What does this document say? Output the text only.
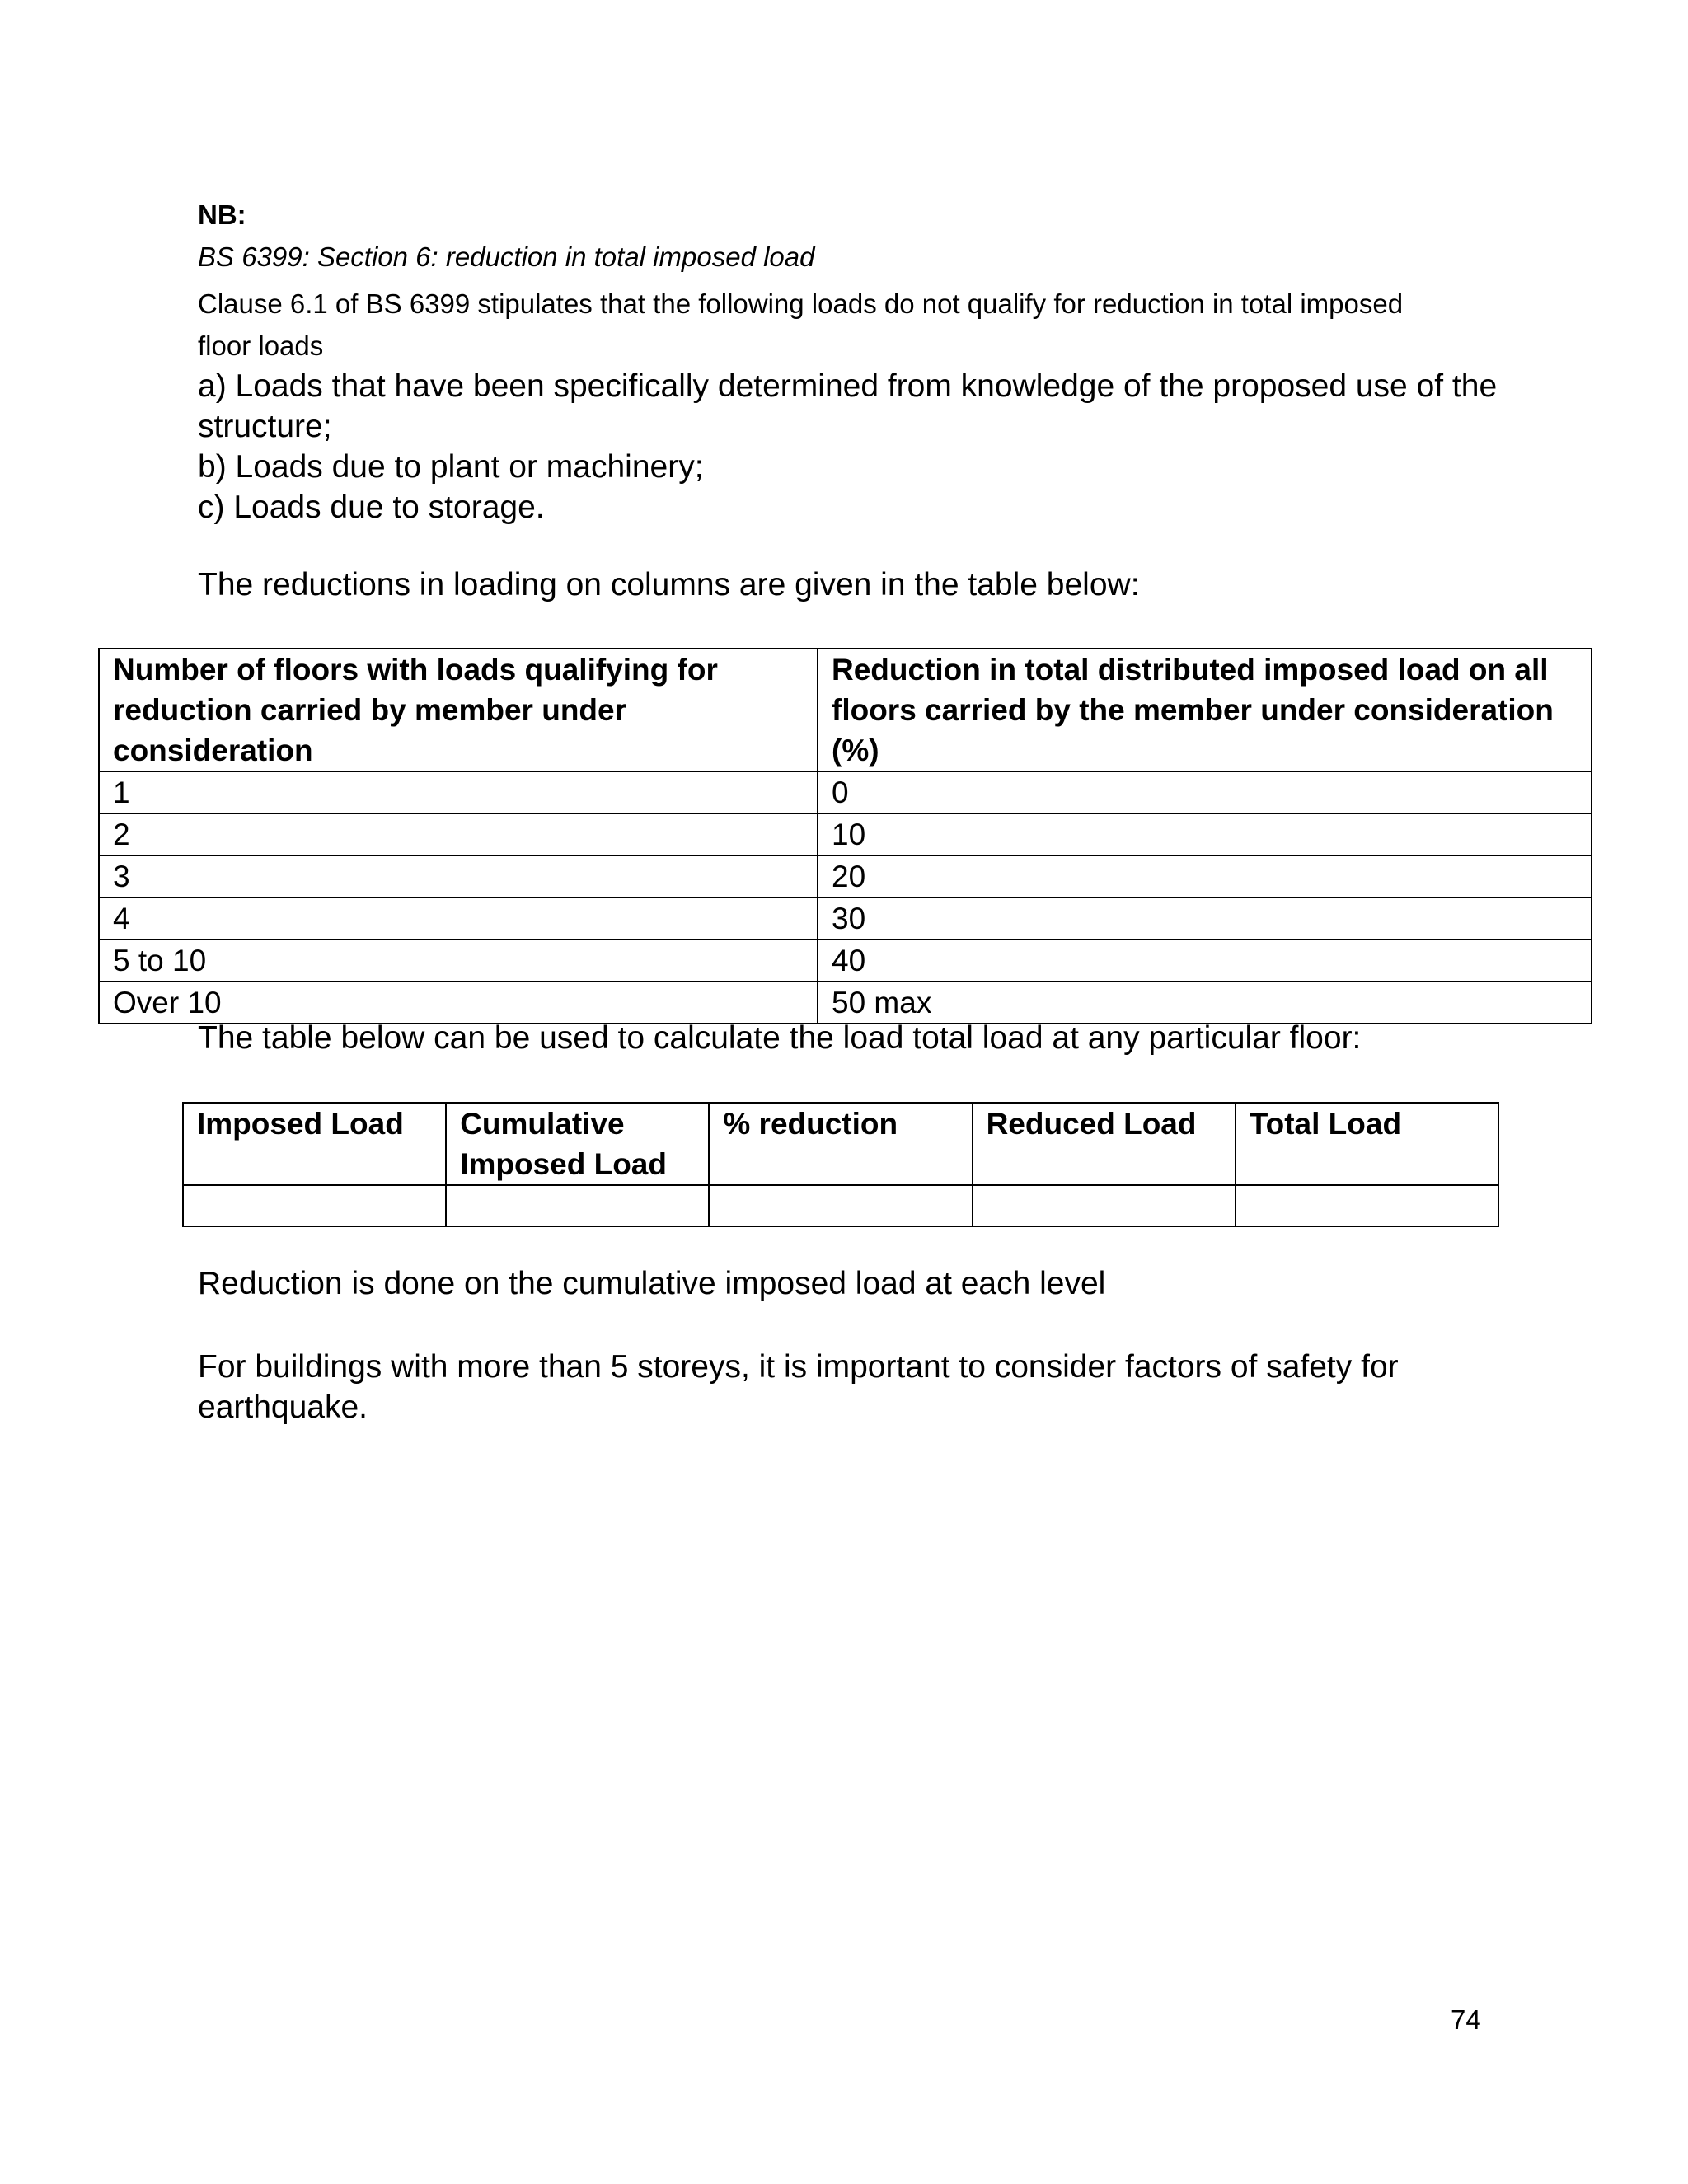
NB:
BS 6399: Section 6: reduction in total imposed load
Clause 6.1 of BS 6399 stipulates that the following loads do not qualify for reduction in total imposed
floor loads
a) Loads that have been specifically determined from knowledge of the proposed use of the
structure;
b) Loads due to plant or machinery;
c) Loads due to storage.
The reductions in loading on columns are given in the table below:
Number of floors with loads qualifying for reduction carried by member under consideration	Reduction in total distributed imposed load on all floors carried by the member under consideration (%)
1	0
2	10
3	20
4	30
5 to 10	40
Over 10	50 max
The table below can be used to calculate the load total load at any particular floor:
Imposed Load	Cumulative Imposed Load	% reduction	Reduced Load	Total Load

Reduction is done on the cumulative imposed load at each level
For buildings with more than 5 storeys, it is important to consider factors of safety for earthquake.
74
